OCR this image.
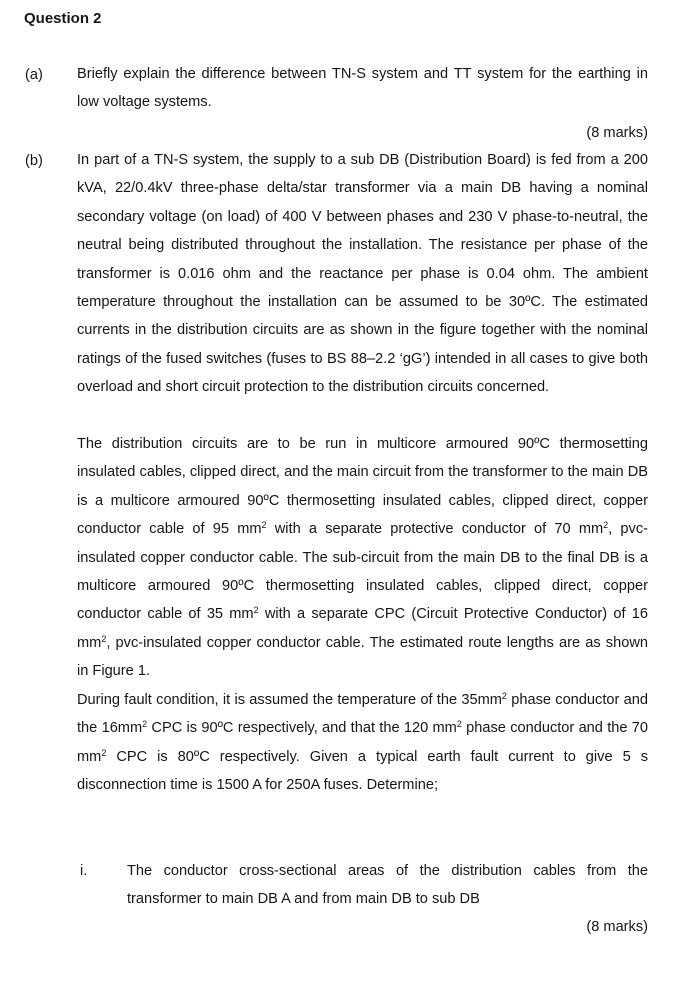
Question 2
(a) Briefly explain the difference between TN-S system and TT system for the earthing in low voltage systems.

(8 marks)
(b) In part of a TN-S system, the supply to a sub DB (Distribution Board) is fed from a 200 kVA, 22/0.4kV three-phase delta/star transformer via a main DB having a nominal secondary voltage (on load) of 400 V between phases and 230 V phase-to-neutral, the neutral being distributed throughout the installation. The resistance per phase of the transformer is 0.016 ohm and the reactance per phase is 0.04 ohm. The ambient temperature throughout the installation can be assumed to be 30ºC. The estimated currents in the distribution circuits are as shown in the figure together with the nominal ratings of the fused switches (fuses to BS 88–2.2 ‘gG’) intended in all cases to give both overload and short circuit protection to the distribution circuits concerned.

The distribution circuits are to be run in multicore armoured 90ºC thermosetting insulated cables, clipped direct, and the main circuit from the transformer to the main DB is a multicore armoured 90ºC thermosetting insulated cables, clipped direct, copper conductor cable of 95 $mm^2$ with a separate protective conductor of 70 $mm^2$, pvc-insulated copper conductor cable. The sub-circuit from the main DB to the final DB is a multicore armoured 90ºC thermosetting insulated cables, clipped direct, copper conductor cable of 35 $mm^2$ with a separate CPC (Circuit Protective Conductor) of 16 $mm^2$, pvc-insulated copper conductor cable. The estimated route lengths are as shown in Figure 1.

During fault condition, it is assumed the temperature of the $35mm^2$ phase conductor and the $16mm^2$ CPC is 90ºC respectively, and that the 120 $mm^2$ phase conductor and the 70 $mm^2$ CPC is 80ºC respectively. Given a typical earth fault current to give 5 s disconnection time is 1500 A for 250A fuses. Determine;

i.	The conductor cross-sectional areas of the distribution cables from the transformer to main DB A and from main DB to sub DB

(8 marks)
